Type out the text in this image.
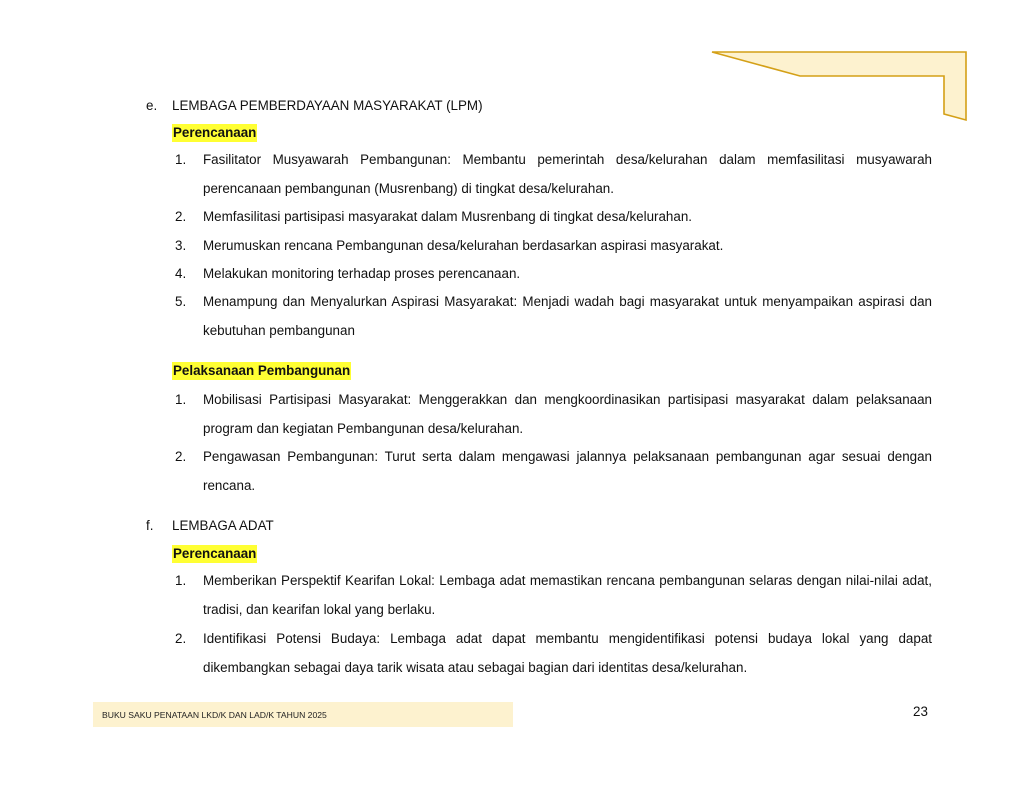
e. LEMBAGA PEMBERDAYAAN MASYARAKAT (LPM)
Perencanaan
1. Fasilitator Musyawarah Pembangunan: Membantu pemerintah desa/kelurahan dalam memfasilitasi musyawarah perencanaan pembangunan (Musrenbang) di tingkat desa/kelurahan.
2. Memfasilitasi partisipasi masyarakat dalam Musrenbang di tingkat desa/kelurahan.
3. Merumuskan rencana Pembangunan desa/kelurahan berdasarkan aspirasi masyarakat.
4. Melakukan monitoring terhadap proses perencanaan.
5. Menampung dan Menyalurkan Aspirasi Masyarakat: Menjadi wadah bagi masyarakat untuk menyampaikan aspirasi dan kebutuhan pembangunan
Pelaksanaan Pembangunan
1. Mobilisasi Partisipasi Masyarakat: Menggerakkan dan mengkoordinasikan partisipasi masyarakat dalam pelaksanaan program dan kegiatan Pembangunan desa/kelurahan.
2. Pengawasan Pembangunan: Turut serta dalam mengawasi jalannya pelaksanaan pembangunan agar sesuai dengan rencana.
f. LEMBAGA ADAT
Perencanaan
1. Memberikan Perspektif Kearifan Lokal: Lembaga adat memastikan rencana pembangunan selaras dengan nilai-nilai adat, tradisi, dan kearifan lokal yang berlaku.
2. Identifikasi Potensi Budaya: Lembaga adat dapat membantu mengidentifikasi potensi budaya lokal yang dapat dikembangkan sebagai daya tarik wisata atau sebagai bagian dari identitas desa/kelurahan.
BUKU SAKU PENATAAN LKD/K DAN LAD/K TAHUN 2025	23
